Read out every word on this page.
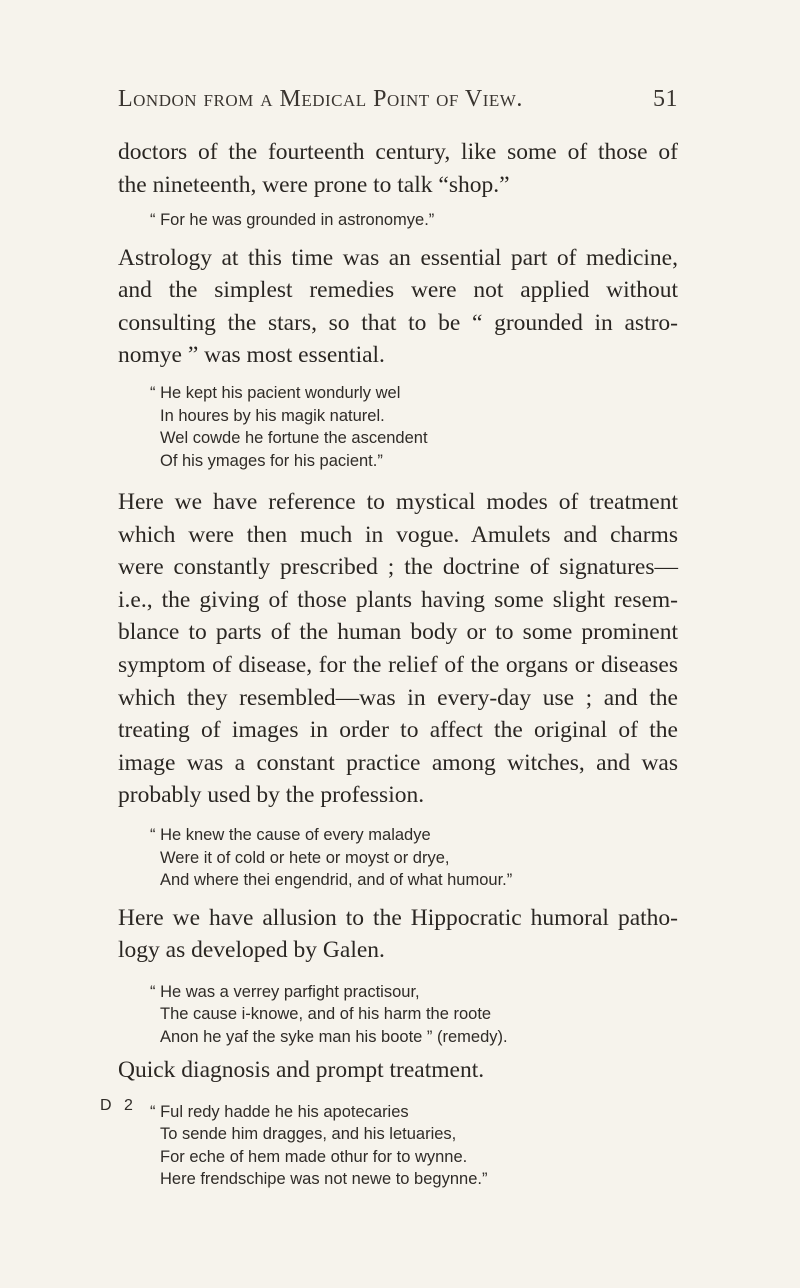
London from a Medical Point of View.	51

doctors of the fourteenth century, like some of those of
the nineteenth, were prone to talk “shop.”

“ For he was grounded in astronomye.”

Astrology at this time was an essential part of medicine,
and the simplest remedies were not applied without
consulting the stars, so that to be “ grounded in astro-
nomye ” was most essential.

“ He kept his pacient wondurly wel
In houres by his magik naturel.
Wel cowde he fortune the ascendent
Of his ymages for his pacient.”

Here we have reference to mystical modes of treatment
which were then much in vogue. Amulets and charms
were constantly prescribed ; the doctrine of signatures—
i.e., the giving of those plants having some slight resem-
blance to parts of the human body or to some prominent
symptom of disease, for the relief of the organs or diseases
which they resembled—was in every-day use ; and the
treating of images in order to affect the original of the
image was a constant practice among witches, and was
probably used by the profession.

“ He knew the cause of every maladye
Were it of cold or hete or moyst or drye,
And where thei engendrid, and of what humour.”

Here we have allusion to the Hippocratic humoral patho-
logy as developed by Galen.

“ He was a verrey parfight practisour,
The cause i-knowe, and of his harm the roote
Anon he yaf the syke man his boote ” (remedy).

Quick diagnosis and prompt treatment.

“ Ful redy hadde he his apotecaries
To sende him dragges, and his letuaries,
For eche of hem made othur for to wynne.
Here frendschipe was not newe to begynne.”
D 2
